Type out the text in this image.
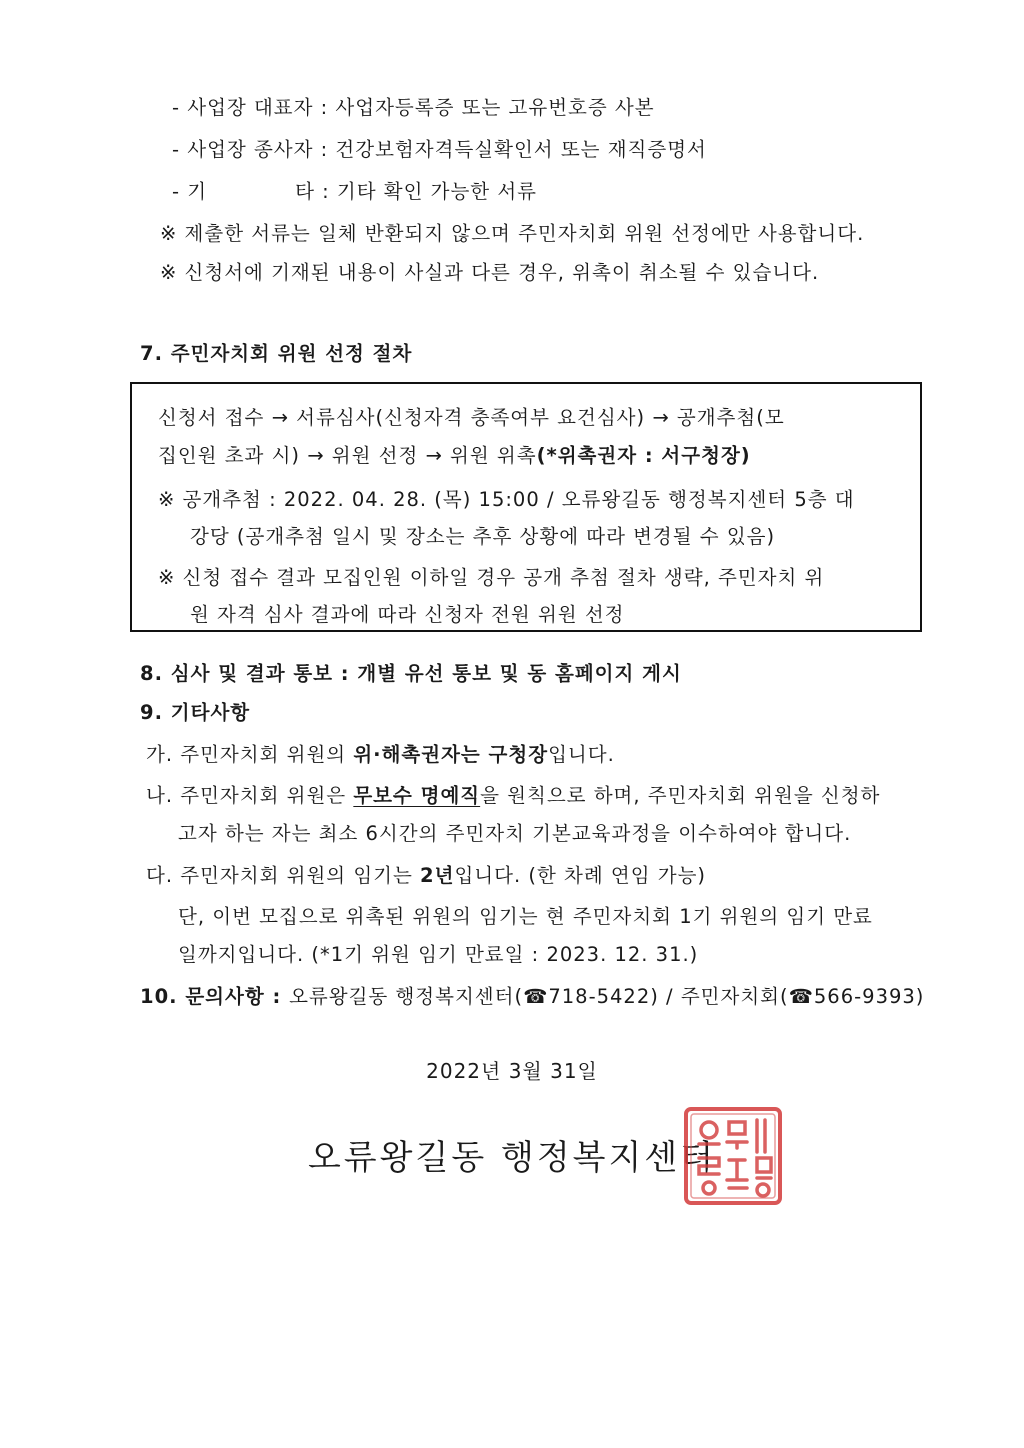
- 사업장 대표자 : 사업자등록증 또는 고유번호증 사본
- 사업장 종사자 : 건강보험자격득실확인서 또는 재직증명서
- 기	타 : 기타 확인 가능한 서류
※ 제출한 서류는 일체 반환되지 않으며 주민자치회 위원 선정에만 사용합니다.
※ 신청서에 기재된 내용이 사실과 다른 경우, 위촉이 취소될 수 있습니다.
7. 주민자치회 위원 선정 절차
신청서 접수 → 서류심사(신청자격 충족여부 요건심사) → 공개추첨(모
집인원 초과 시) → 위원 선정 → 위원 위촉(*위촉권자 : 서구청장)
※ 공개추첨 : 2022. 04. 28. (목) 15:00 / 오류왕길동 행정복지센터 5층 대
강당 (공개추첨 일시 및 장소는 추후 상황에 따라 변경될 수 있음)
※ 신청 접수 결과 모집인원 이하일 경우 공개 추첨 절차 생략, 주민자치 위
원 자격 심사 결과에 따라 신청자 전원 위원 선정
8. 심사 및 결과 통보 : 개별 유선 통보 및 동 홈페이지 게시
9. 기타사항
가. 주민자치회 위원의 위·해촉권자는 구청장입니다.
나. 주민자치회 위원은 무보수 명예직을 원칙으로 하며, 주민자치회 위원을 신청하
고자 하는 자는 최소 6시간의 주민자치 기본교육과정을 이수하여야 합니다.
다. 주민자치회 위원의 임기는 2년입니다. (한 차례 연임 가능)
단, 이번 모집으로 위촉된 위원의 임기는 현 주민자치회 1기 위원의 임기 만료
일까지입니다. (*1기 위원 임기 만료일 : 2023. 12. 31.)
10. 문의사항 : 오류왕길동 행정복지센터(☎718-5422) / 주민자치회(☎566-9393)
2022년 3월 31일
오류왕길동 행정복지센터
